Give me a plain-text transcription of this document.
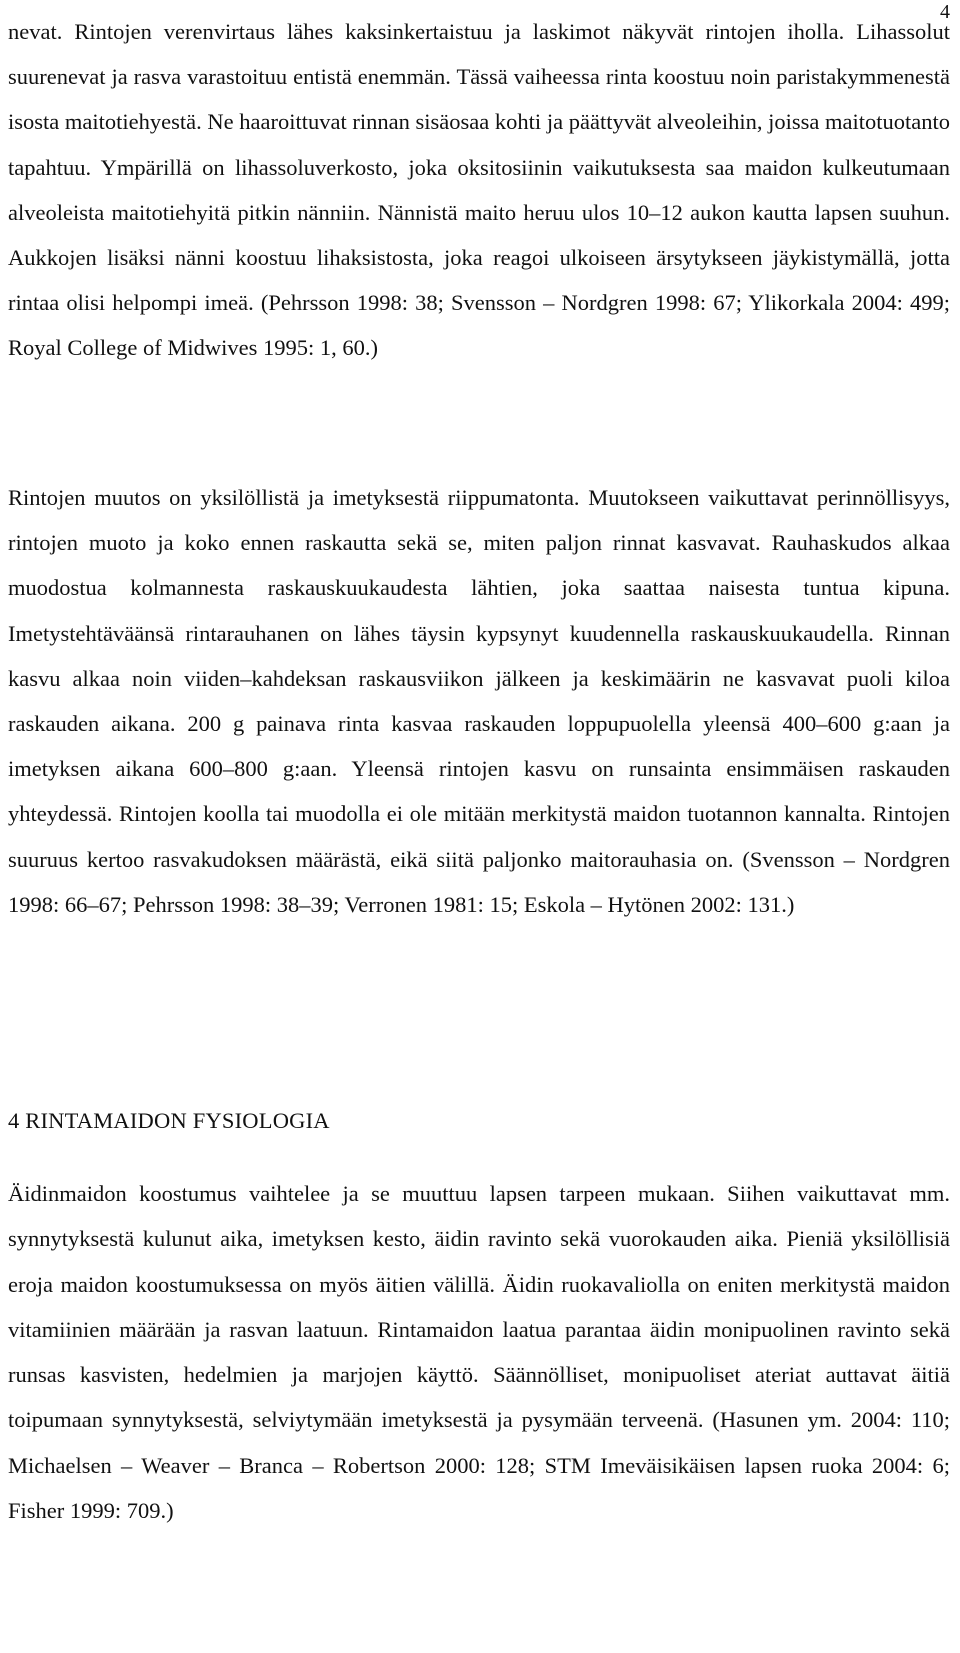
4

nevat. Rintojen verenvirtaus lähes kaksinkertaistuu ja laskimot näkyvät rintojen iholla. Lihassolut suurenevat ja rasva varastoituu entistä enemmän. Tässä vaiheessa rinta koostuu noin paristakymmenestä isosta maitotiehyestä. Ne haaroittuvat rinnan sisäosaa kohti ja päättyvät alveoleihin, joissa maitotuotanto tapahtuu. Ympärillä on lihassoluverkosto, joka oksitosiinin vaikutuksesta saa maidon kulkeutumaan alveoleista maitotiehyitä pitkin nänniin. Nännistä maito heruu ulos 10–12 aukon kautta lapsen suuhun. Aukkojen lisäksi nänni koostuu lihaksistosta, joka reagoi ulkoiseen ärsytykseen jäykistymällä, jotta rintaa olisi helpompi imeä. (Pehrsson 1998: 38; Svensson – Nordgren 1998: 67; Ylikorkala 2004: 499; Royal College of Midwives 1995: 1, 60.)

Rintojen muutos on yksilöllistä ja imetyksestä riippumatonta. Muutokseen vaikuttavat perinnöllisyys, rintojen muoto ja koko ennen raskautta sekä se, miten paljon rinnat kasvavat. Rauhaskudos alkaa muodostua kolmannesta raskauskuukaudesta lähtien, joka saattaa naisesta tuntua kipuna. Imetystehtäväänsä rintarauhanen on lähes täysin kypsynyt kuudennella raskauskuukaudella. Rinnan kasvu alkaa noin viiden–kahdeksan raskausviikon jälkeen ja keskimäärin ne kasvavat puoli kiloa raskauden aikana. 200 g painava rinta kasvaa raskauden loppupuolella yleensä 400–600 g:aan ja imetyksen aikana 600–800 g:aan. Yleensä rintojen kasvu on runsainta ensimmäisen raskauden yhteydessä. Rintojen koolla tai muodolla ei ole mitään merkitystä maidon tuotannon kannalta. Rintojen suuruus kertoo rasvakudoksen määrästä, eikä siitä paljonko maitorauhasia on. (Svensson – Nordgren 1998: 66–67; Pehrsson 1998: 38–39; Verronen 1981: 15; Eskola – Hytönen 2002: 131.)

4 RINTAMAIDON FYSIOLOGIA

Äidinmaidon koostumus vaihtelee ja se muuttuu lapsen tarpeen mukaan. Siihen vaikuttavat mm. synnytyksestä kulunut aika, imetyksen kesto, äidin ravinto sekä vuorokauden aika. Pieniä yksilöllisiä eroja maidon koostumuksessa on myös äitien välillä. Äidin ruokavaliolla on eniten merkitystä maidon vitamiinien määrään ja rasvan laatuun. Rintamaidon laatua parantaa äidin monipuolinen ravinto sekä runsas kasvisten, hedelmien ja marjojen käyttö. Säännölliset, monipuoliset ateriat auttavat äitiä toipumaan synnytyksestä, selviytymään imetyksestä ja pysymään terveenä. (Hasunen ym. 2004: 110; Michaelsen – Weaver – Branca – Robertson 2000: 128; STM Imeväisikäisen lapsen ruoka 2004: 6; Fisher 1999: 709.)
